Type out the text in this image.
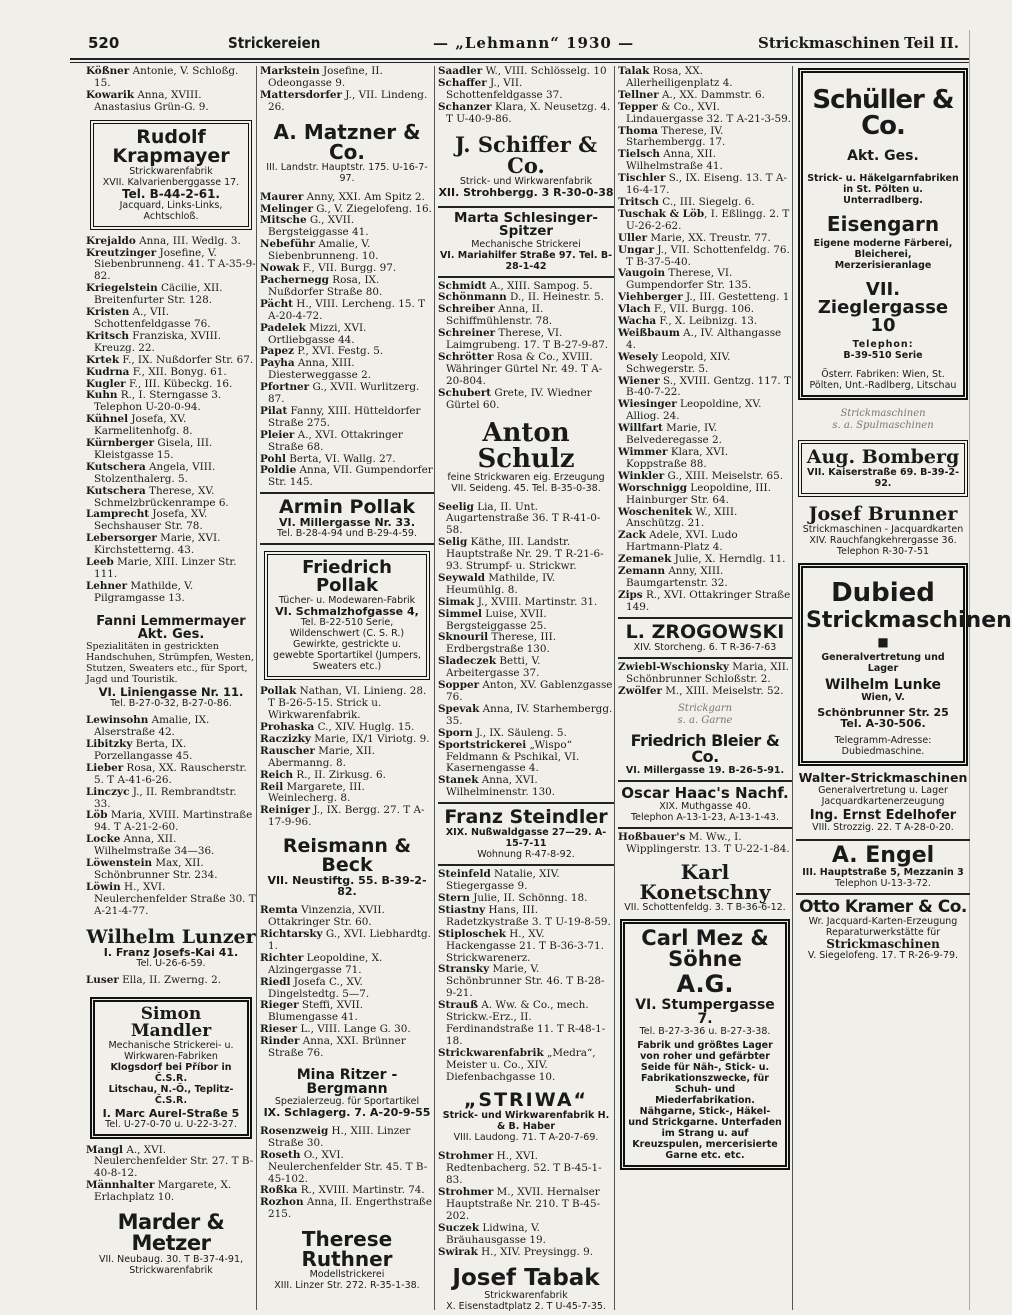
520	Strickereien	— „Lehmann“ 1930 —	Strickmaschinen Teil II.
Kößner Antonie, V. Schloßg. 15.
Kowarik Anna, XVIII. Anastasius Grün-G. 9.
Rudolf
Krapmayer
Strickwarenfabrik
XVII. Kalvarienberggasse 17.
Tel. B-44-2-61.
Jacquard, Links-Links, Achtschloß.
Krejaldo Anna, III. Wedlg. 3.
Kreutzinger Josefine, V. Siebenbrunneng. 41. T A-35-9-82.
Kriegelstein Cäcilie, XII. Breitenfurter Str. 128.
Kristen A., VII. Schottenfeldgasse 76.
Kritsch Franziska, XVIII. Kreuzg. 22.
Krtek F., IX. Nußdorfer Str. 67.
Kudrna F., XII. Bonyg. 61.
Kugler F., III. Kübeckg. 16.
Kuhn R., I. Sterngasse 3. Telephon U-20-0-94.
Kühnel Josefa, XV. Karmelitenhofg. 8.
Kürnberger Gisela, III. Kleistgasse 15.
Kutschera Angela, VIII. Stolzenthalerg. 5.
Kutschera Therese, XV. Schmelzbrückenrampe 6.
Lamprecht Josefa, XV. Sechshauser Str. 78.
Lebersorger Marie, XVI. Kirchstetterng. 43.
Leeb Marie, XIII. Linzer Str. 111.
Lehner Mathilde, V. Pilgramgasse 13.
Fanni Lemmermayer Akt. Ges.
Spezialitäten in gestrickten Handschuhen, Strümpfen, Westen, Stutzen, Sweaters etc., für Sport, Jagd und Touristik.
VI. Liniengasse Nr. 11.
Tel. B-27-0-32, B-27-0-86.
Lewinsohn Amalie, IX. Alserstraße 42.
Libitzky Berta, IX. Porzellangasse 45.
Lieber Rosa, XX. Rauscherstr. 5. T A-41-6-26.
Linczyc J., II. Rembrandtstr. 33.
Löb Maria, XVIII. Martinstraße 94. T A-21-2-60.
Locke Anna, XII. Wilhelmstraße 34—36.
Löwenstein Max, XII. Schönbrunner Str. 234.
Löwin H., XVI. Neulerchenfelder Straße 30. T A-21-4-77.
Wilhelm Lunzer
I. Franz Josefs-Kai 41.
Tel. U-26-6-59.
Luser Ella, II. Zwerng. 2.
Simon Mandler
Mechanische Strickerei- u. Wirkwaren-Fabriken
Klogsdorf bei Příbor in Č.S.R.
Litschau, N.-Ö., Teplitz-Č.S.R.
I. Marc Aurel-Straße 5
Tel. U-27-0-70 u. U-22-3-27.
Mangl A., XVI. Neulerchenfelder Str. 27. T B-40-8-12.
Männhalter Margarete, X. Erlachplatz 10.
Marder & Metzer
VII. Neubaug. 30. T B-37-4-91,
Strickwarenfabrik
Markstein Josefine, II. Odeongasse 9.
Mattersdorfer J., VII. Lindeng. 26.
A. Matzner & Co.
III. Landstr. Hauptstr. 175. U-16-7-97.
Maurer Anny, XXI. Am Spitz 2.
Melinger G., V. Ziegelofeng. 16.
Mitsche G., XVII. Bergsteiggasse 41.
Nebeführ Amalie, V. Siebenbrunneng. 10.
Nowak F., VII. Burgg. 97.
Pachernegg Rosa, IX. Nußdorfer Straße 80.
Pächt H., VIII. Lercheng. 15. T A-20-4-72.
Padelek Mizzi, XVI. Ortliebgasse 44.
Papez P., XVI. Festg. 5.
Payha Anna, XIII. Diesterweggasse 2.
Pfortner G., XVII. Wurlitzerg. 87.
Pilat Fanny, XIII. Hütteldorfer Straße 275.
Pleier A., XVI. Ottakringer Straße 68.
Pohl Berta, VI. Wallg. 27.
Poldie Anna, VII. Gumpendorfer Str. 145.
Armin Pollak
VI. Millergasse Nr. 33.
Tel. B-28-4-94 und B-29-4-59.
Friedrich Pollak
Tücher- u. Modewaren-Fabrik
VI. Schmalzhofgasse 4,
Tel. B-22-510 Serie, Wildenschwert (C. S. R.) Gewirkte, gestrickte u. gewebte Sportartikel (Jumpers, Sweaters etc.)
Pollak Nathan, VI. Linieng. 28. T B-26-5-15. Strick u. Wirkwarenfabrik.
Prohaska C., XIV. Huglg. 15.
Raczizky Marie, IX/1 Viriotg. 9.
Rauscher Marie, XII. Abermanng. 8.
Reich R., II. Zirkusg. 6.
Reil Margarete, III. Weinlecherg. 8.
Reiniger J., IX. Bergg. 27. T A-17-9-96.
Reismann & Beck
VII. Neustiftg. 55. B-39-2-82.
Remta Vinzenzia, XVII. Ottakringer Str. 60.
Richtarsky G., XVI. Liebhardtg. 1.
Richter Leopoldine, X. Alzingergasse 71.
Riedl Josefa C., XV. Dingelstedtg. 5—7.
Rieger Steffi, XVII. Blumengasse 41.
Rieser L., VIII. Lange G. 30.
Rinder Anna, XXI. Brünner Straße 76.
Mina Ritzer - Bergmann
Spezialerzeug. für Sportartikel
IX. Schlagerg. 7. A-20-9-55
Rosenzweig H., XIII. Linzer Straße 30.
Roseth O., XVI. Neulerchenfelder Str. 45. T B-45-102.
Roßka R., XVIII. Martinstr. 74.
Rozhon Anna, II. Engerthstraße 215.
Therese Ruthner
Modellstrickerei
XIII. Linzer Str. 272. R-35-1-38.
Saadler W., VIII. Schlösselg. 10
Schaffer J., VII. Schottenfeldgasse 37.
Schanzer Klara, X. Neusetzg. 4. T U-40-9-86.
J. Schiffer & Co.
Strick- und Wirkwarenfabrik
XII. Strohbergg. 3 R-30-0-38
Marta Schlesinger-Spitzer
Mechanische Strickerei
VI. Mariahilfer Straße 97. Tel. B-28-1-42
Schmidt A., XIII. Sampog. 5.
Schönmann D., II. Heinestr. 5.
Schreiber Anna, II. Schiffmühlenstr. 78.
Schreiner Therese, VI. Laimgrubeng. 17. T B-27-9-87.
Schrötter Rosa & Co., XVIII. Währinger Gürtel Nr. 49. T A-20-804.
Schubert Grete, IV. Wiedner Gürtel 60.
Anton Schulz
feine Strickwaren eig. Erzeugung
VII. Seideng. 45. Tel. B-35-0-38.
Seelig Lia, II. Unt. Augartenstraße 36. T R-41-0-58.
Selig Käthe, III. Landstr. Hauptstraße Nr. 29. T R-21-6-93. Strumpf- u. Strickwr.
Seywald Mathilde, IV. Heumühlg. 8.
Simak J., XVIII. Martinstr. 31.
Simmel Luise, XVII. Bergsteiggasse 25.
Sknouril Therese, III. Erdbergstraße 130.
Sladeczek Betti, V. Arbeitergasse 37.
Sopper Anton, XV. Gablenzgasse 76.
Spevak Anna, IV. Starhembergg. 35.
Sporn J., IX. Säuleng. 5.
Sportstrickerei „Wispo“ Feldmann & Pschikal, VI. Kasernengasse 4.
Stanek Anna, XVI. Wilhelminenstr. 130.
Franz Steindler
XIX. Nußwaldgasse 27—29. A-15-7-11
Wohnung R-47-8-92.
Steinfeld Natalie, XIV. Stiegergasse 9.
Stern Julie, II. Schönng. 18.
Stiastny Hans, III. Radetzkystraße 3. T U-19-8-59.
Stiploschek H., XV. Hackengasse 21. T B-36-3-71. Strickwarenerz.
Stransky Marie, V. Schönbrunner Str. 46. T B-28-9-21.
Strauß A. Ww. & Co., mech. Strickw.-Erz., II. Ferdinandstraße 11. T R-48-1-18.
Strickwarenfabrik „Medra“, Meister u. Co., XIV. Diefenbachgasse 10.
„STRIWA“
Strick- und Wirkwarenfabrik H. & B. Haber
VIII. Laudong. 71. T A-20-7-69.
Strohmer H., XVI. Redtenbacherg. 52. T B-45-1-83.
Strohmer M., XVII. Hernalser Hauptstraße Nr. 210. T B-45-202.
Suczek Lidwina, V. Bräuhausgasse 19.
Swirak H., XIV. Preysingg. 9.
Josef Tabak
Strickwarenfabrik
X. Eisenstadtplatz 2. T U-45-7-35.
Talak Rosa, XX. Allerheiligenplatz 4.
Tellner A., XX. Dammstr. 6.
Tepper & Co., XVI. Lindauergasse 32. T A-21-3-59.
Thoma Therese, IV. Starhembergg. 17.
Tielsch Anna, XII. Wilhelmstraße 41.
Tischler S., IX. Eiseng. 13. T A-16-4-17.
Tritsch C., III. Siegelg. 6.
Tuschak & Löb, I. Eßlingg. 2. T U-26-2-62.
Uller Marie, XX. Treustr. 77.
Ungar J., VII. Schottenfeldg. 76. T B-37-5-40.
Vaugoin Therese, VI. Gumpendorfer Str. 135.
Viehberger J., III. Gestetteng. 1
Vlach F., VII. Burgg. 106.
Wacha F., X. Leibnizg. 13.
Weißbaum A., IV. Althangasse 4.
Wesely Leopold, XIV. Schwegerstr. 5.
Wiener S., XVIII. Gentzg. 117. T B-40-7-22.
Wiesinger Leopoldine, XV. Alliog. 24.
Willfart Marie, IV. Belvederegasse 2.
Wimmer Klara, XVI. Koppstraße 88.
Winkler G., XIII. Meiselstr. 65.
Worschnigg Leopoldine, III. Hainburger Str. 64.
Woschenitek W., XIII. Anschützg. 21.
Zack Adele, XVI. Ludo Hartmann-Platz 4.
Zemanek Julie, X. Herndlg. 11.
Zemann Anny, XIII. Baumgartenstr. 32.
Zips R., XVI. Ottakringer Straße 149.
L. ZROGOWSKI
XIV. Storcheng. 6. T R-36-7-63
Zwiebl-Wschionsky Maria, XII. Schönbrunner Schloßstr. 2.
Zwölfer M., XIII. Meiselstr. 52.
Strickgarn
s. a. Garne
Friedrich Bleier & Co.
VI. Millergasse 19. B-26-5-91.
Oscar Haac's Nachf.
XIX. Muthgasse 40.
Telephon A-13-1-23, A-13-1-43.
Hoßbauer's M. Ww., I. Wipplingerstr. 13. T U-22-1-84.
Karl Konetschny
VII. Schottenfeldg. 3. T B-36-6-12.
Carl Mez & Söhne
A.G.
VI. Stumpergasse 7.
Tel. B-27-3-36 u. B-27-3-38.
Fabrik und größtes Lager von roher und gefärbter Seide für Näh-, Stick- u. Fabrikationszwecke, für Schuh- und Miederfabrikation. Nähgarne, Stick-, Häkel- und Strickgarne. Unterfaden im Strang u. auf Kreuzspulen, mercerisierte Garne etc. etc.
Schüller & Co.
Akt. Ges.
Strick- u. Häkelgarnfabriken in St. Pölten u. Unterradlberg.
Eisengarn
Eigene moderne Färberei, Bleicherei, Merzerisieranlage
VII. Zieglergasse 10
Telephon:
B-39-510 Serie
Österr. Fabriken: Wien, St. Pölten, Unt.-Radlberg, Litschau
Strickmaschinen
s. a. Spulmaschinen
Aug. Bomberg
VII. Kaiserstraße 69. B-39-2-92.
Josef Brunner
Strickmaschinen - Jacquardkarten
XIV. Rauchfangkehrergasse 36.
Telephon R-30-7-51
Dubied
Strickmaschinen
■
Generalvertretung und Lager
Wilhelm Lunke
Wien, V.
Schönbrunner Str. 25
Tel. A-30-506.
Telegramm-Adresse:
Dubiedmaschine.
Walter-Strickmaschinen
Generalvertretung u. Lager Jacquardkartenerzeugung
Ing. Ernst Edelhofer
VIII. Strozzig. 22. T A-28-0-20.
A. Engel
III. Hauptstraße 5, Mezzanin 3
Telephon U-13-3-72.
Otto Kramer & Co.
Wr. Jacquard-Karten-Erzeugung Reparaturwerkstätte für
Strickmaschinen
V. Siegelofeng. 17. T R-26-9-79.
